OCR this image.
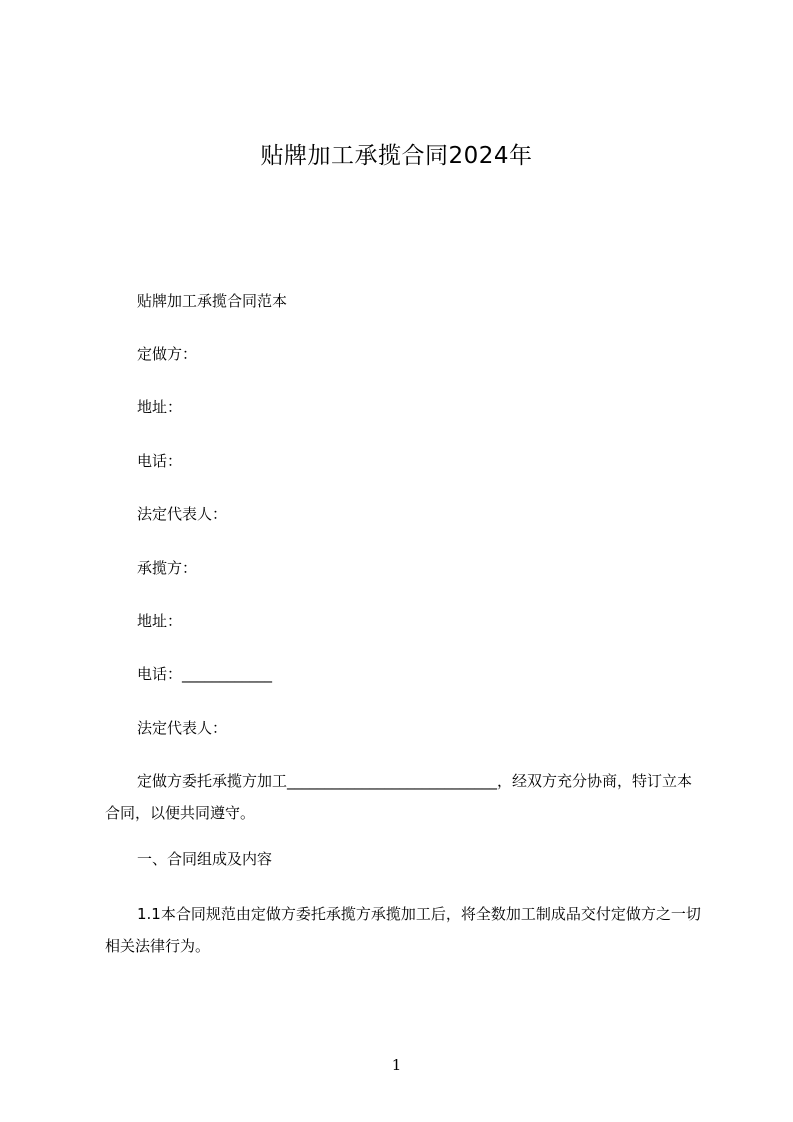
贴牌加工承揽合同2024年
贴牌加工承揽合同范本
定做方：
地址：
电话：
法定代表人：
承揽方：
地址：
电话：____________
法定代表人：
定做方委托承揽方加工____________________________，经双方充分协商，特订立本合同，以便共同遵守。
一、合同组成及内容
1.1本合同规范由定做方委托承揽方承揽加工后，将全数加工制成品交付定做方之一切相关法律行为。
1
